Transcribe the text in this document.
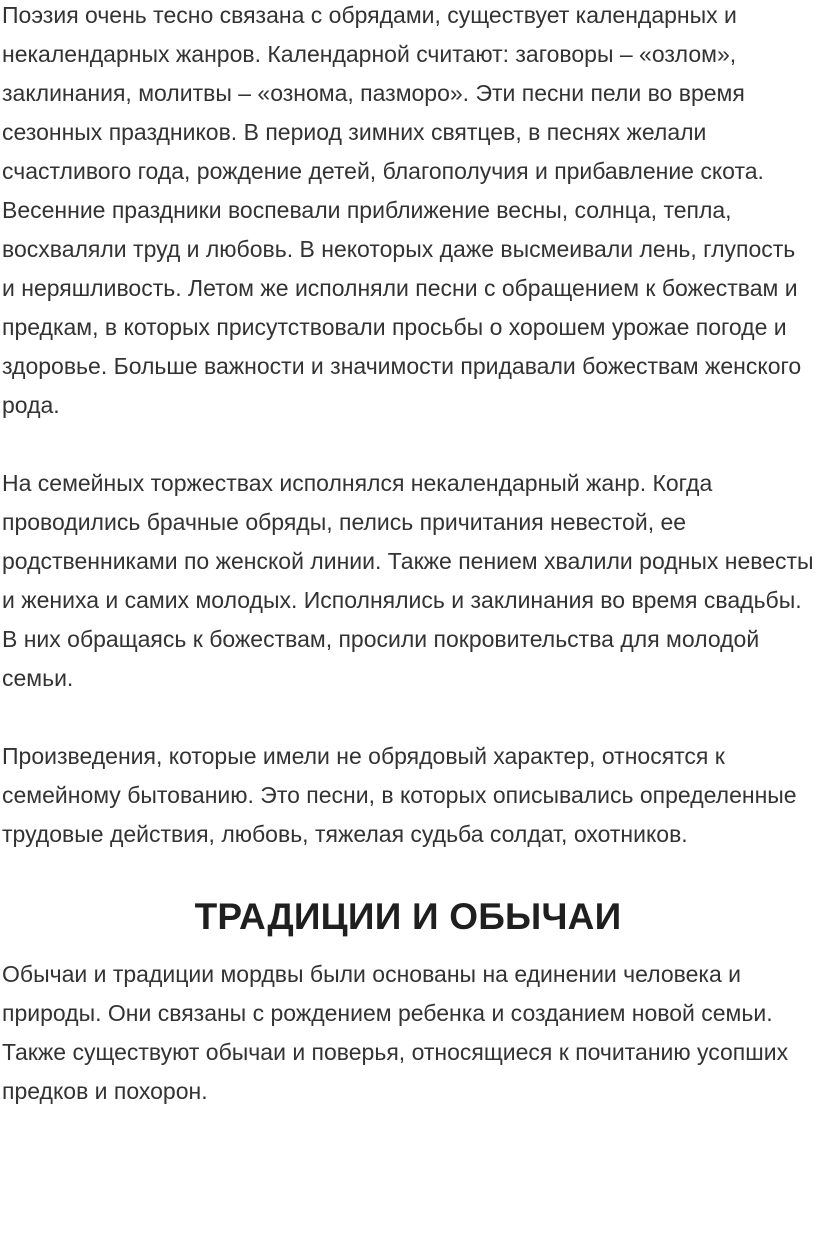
Поэзия очень тесно связана с обрядами, существует календарных и некалендарных жанров. Календарной считают: заговоры – «озлом», заклинания, молитвы – «ознома, пазморо». Эти песни пели во время сезонных праздников. В период зимних святцев, в песнях желали счастливого года, рождение детей, благополучия и прибавление скота. Весенние праздники воспевали приближение весны, солнца, тепла, восхваляли труд и любовь. В некоторых даже высмеивали лень, глупость и неряшливость. Летом же исполняли песни с обращением к божествам и предкам, в которых присутствовали просьбы о хорошем урожае погоде и здоровье. Больше важности и значимости придавали божествам женского рода.

На семейных торжествах исполнялся некалендарный жанр. Когда проводились брачные обряды, пелись причитания невестой, ее родственниками по женской линии. Также пением хвалили родных невесты и жениха и самих молодых. Исполнялись и заклинания во время свадьбы. В них обращаясь к божествам, просили покровительства для молодой семьи.

Произведения, которые имели не обрядовый характер, относятся к семейному бытованию. Это песни, в которых описывались определенные трудовые действия, любовь, тяжелая судьба солдат, охотников.

ТРАДИЦИИ И ОБЫЧАИ

Обычаи и традиции мордвы были основаны на единении человека и природы. Они связаны с рождением ребенка и созданием новой семьи. Также существуют обычаи и поверья, относящиеся к почитанию усопших предков и похорон.
